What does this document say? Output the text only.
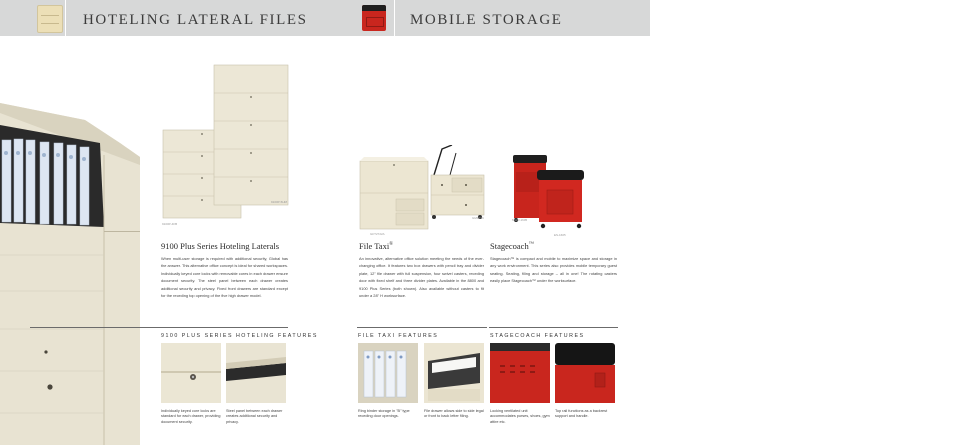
HOTELING LATERAL FILES	MOBILE STORAGE
9100P-4FB
9100P-5HM
GFT2722A
GMFT36	MWR-1605
ES-1605
9100 Plus Series Hoteling Laterals
When multi-user storage is required with additional security, Global has the answer. This alternative office concept is ideal for shared workspaces. Individually keyed core locks with removable cores in each drawer ensure document security. The steel panel between each drawer creates additional security and privacy. Fixed front drawers are standard except for the receding top opening of the five high drawer model.
File Taxi®
An innovative, alternative office solution meeting the needs of the ever-changing office. It features two box drawers with pencil tray and divider plate, 12" file drawer with full suspension, four swivel casters, receding door with fixed shelf and three divider plates. Available in the 8800 and 9100 Plus Series (both shown). Also available without casters to fit under a 28" H worksurface.
Stagecoach™
Stagecoach™ is compact and mobile to maximize space and storage in any work environment. This series also provides mobile temporary guest seating. Seating, filing and storage – all in one! The rotating casters easily place Stagecoach™ under the worksurface.
9100 PLUS SERIES HOTELING FEATURES	FILE TAXI FEATURES	STAGECOACH FEATURES
Individually keyed core locks are standard for each drawer, providing document security.
Steel panel between each drawer creates additional security and privacy.
Ring binder storage in "B" type receding door openings.
File drawer allows side to side legal or front to back letter filing.
Locking ventilated unit accommodates purses, shoes, gym attire etc.
Top rail functions as a backrest support and handle.
